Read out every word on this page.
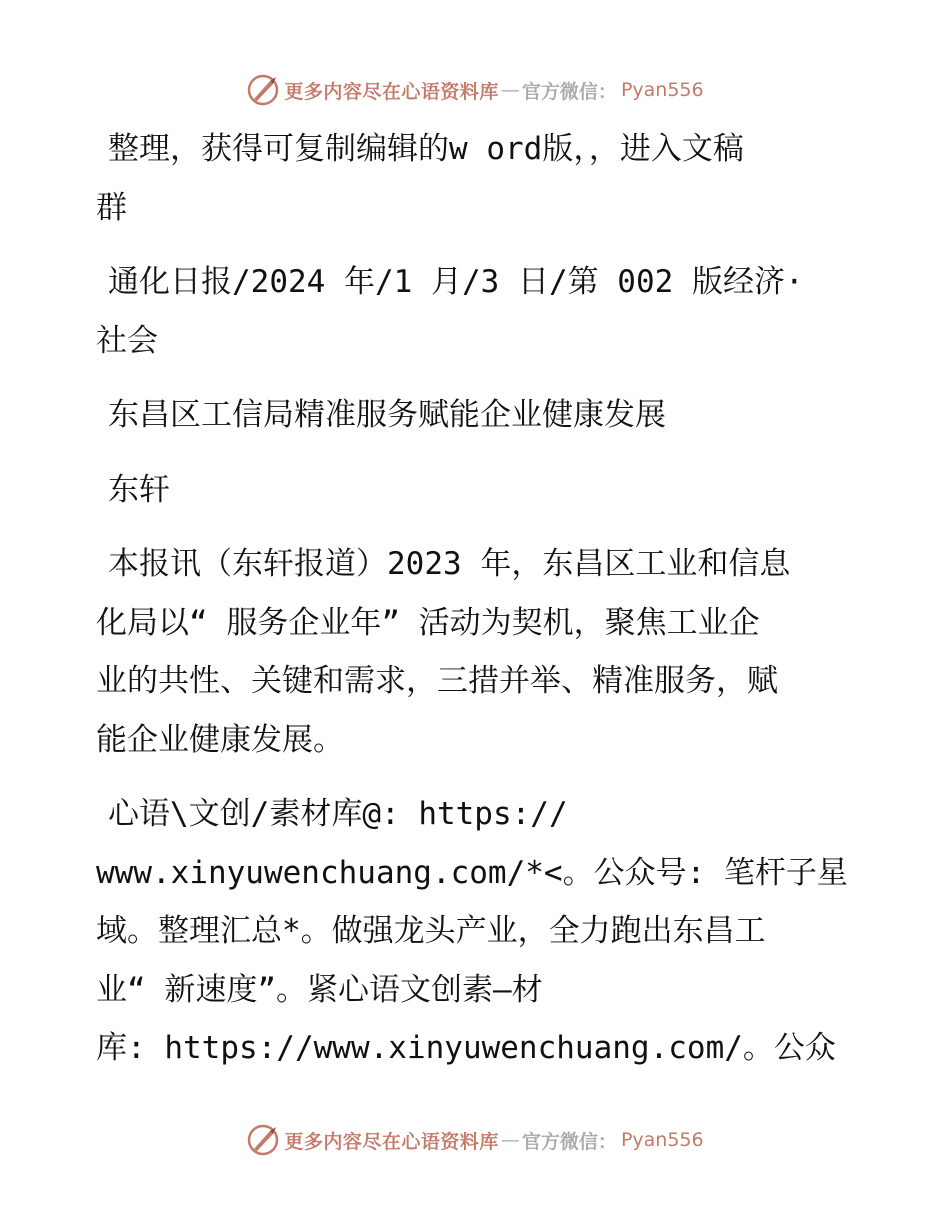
更多内容尽在心语资料库 — 官方微信： Pyan556

整理，获得可复制编辑的w ord版，，进入文稿
群

通化日报/2024 年/1 月/3 日/第 002 版经济·
社会

东昌区工信局精准服务赋能企业健康发展

东轩

本报讯（东轩报道）2023 年，东昌区工业和信息
化局以“ 服务企业年” 活动为契机，聚焦工业企
业的共性、关键和需求，三措并举、精准服务，赋
能企业健康发展。

心语\文创/素材库@: https://
www.xinyuwenchuang.com/*<。公众号: 笔杆子星
域。整理汇总*。做强龙头产业，全力跑出东昌工
业“ 新速度”。紧心语文创素—材
库: https://www.xinyuwenchuang.com/。公众

更多内容尽在心语资料库 — 官方微信： Pyan556
